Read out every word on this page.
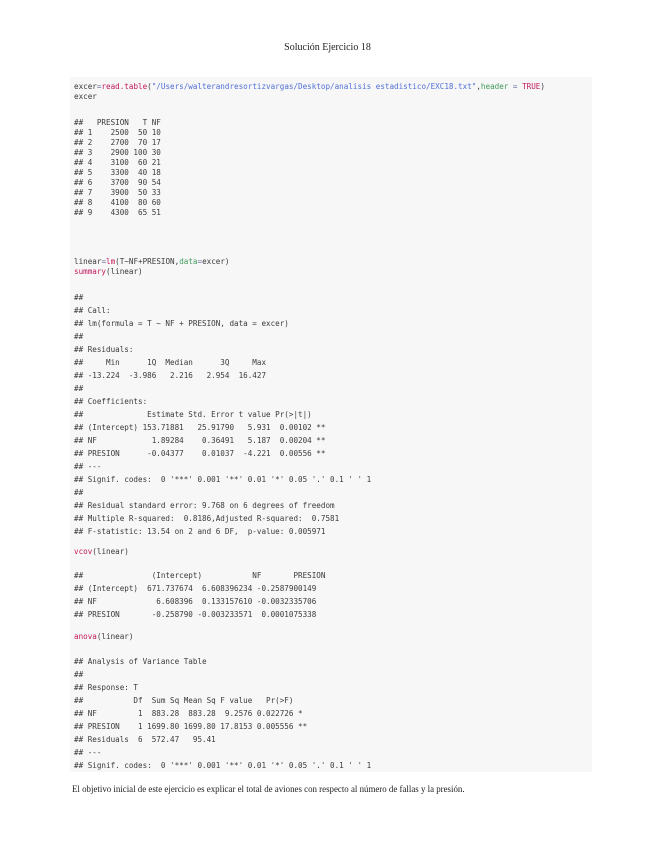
Solución Ejercicio 18
excer=read.table("/Users/walterandresortizvargas/Desktop/analisis estadistico/EXC18.txt",header = TRUE)
excer
##   PRESION   T NF
## 1    2500  50 10
## 2    2700  70 17
## 3    2900 100 30
## 4    3100  60 21
## 5    3300  40 18
## 6    3700  90 54
## 7    3900  50 33
## 8    4100  80 60
## 9    4300  65 51
linear=lm(T~NF+PRESION,data=excer)
summary(linear)
##
## Call:
## lm(formula = T ~ NF + PRESION, data = excer)
##
## Residuals:
##     Min      1Q  Median      3Q     Max
## -13.224  -3.986   2.216   2.954  16.427
##
## Coefficients:
##              Estimate Std. Error t value Pr(>|t|)
## (Intercept) 153.71881   25.91790   5.931  0.00102 **
## NF            1.89284    0.36491   5.187  0.00204 **
## PRESION      -0.04377    0.01037  -4.221  0.00556 **
## ---
## Signif. codes:  0 '***' 0.001 '**' 0.01 '*' 0.05 '.' 0.1 ' ' 1
##
## Residual standard error: 9.768 on 6 degrees of freedom
## Multiple R-squared:  0.8186,Adjusted R-squared:  0.7581
## F-statistic: 13.54 on 2 and 6 DF,  p-value: 0.005971
vcov(linear)
##               (Intercept)           NF       PRESION
## (Intercept)  671.737674  6.608396234 -0.2587900149
## NF             6.608396  0.133157610 -0.0032335706
## PRESION       -0.258790 -0.003233571  0.0001075338
anova(linear)
## Analysis of Variance Table
##
## Response: T
##           Df  Sum Sq Mean Sq F value   Pr(>F)
## NF         1  883.28  883.28  9.2576 0.022726 *
## PRESION    1 1699.80 1699.80 17.8153 0.005556 **
## Residuals  6  572.47   95.41
## ---
## Signif. codes:  0 '***' 0.001 '**' 0.01 '*' 0.05 '.' 0.1 ' ' 1
El objetivo inicial de este ejercicio es explicar el total de aviones con respecto al número de fallas y la presión.
